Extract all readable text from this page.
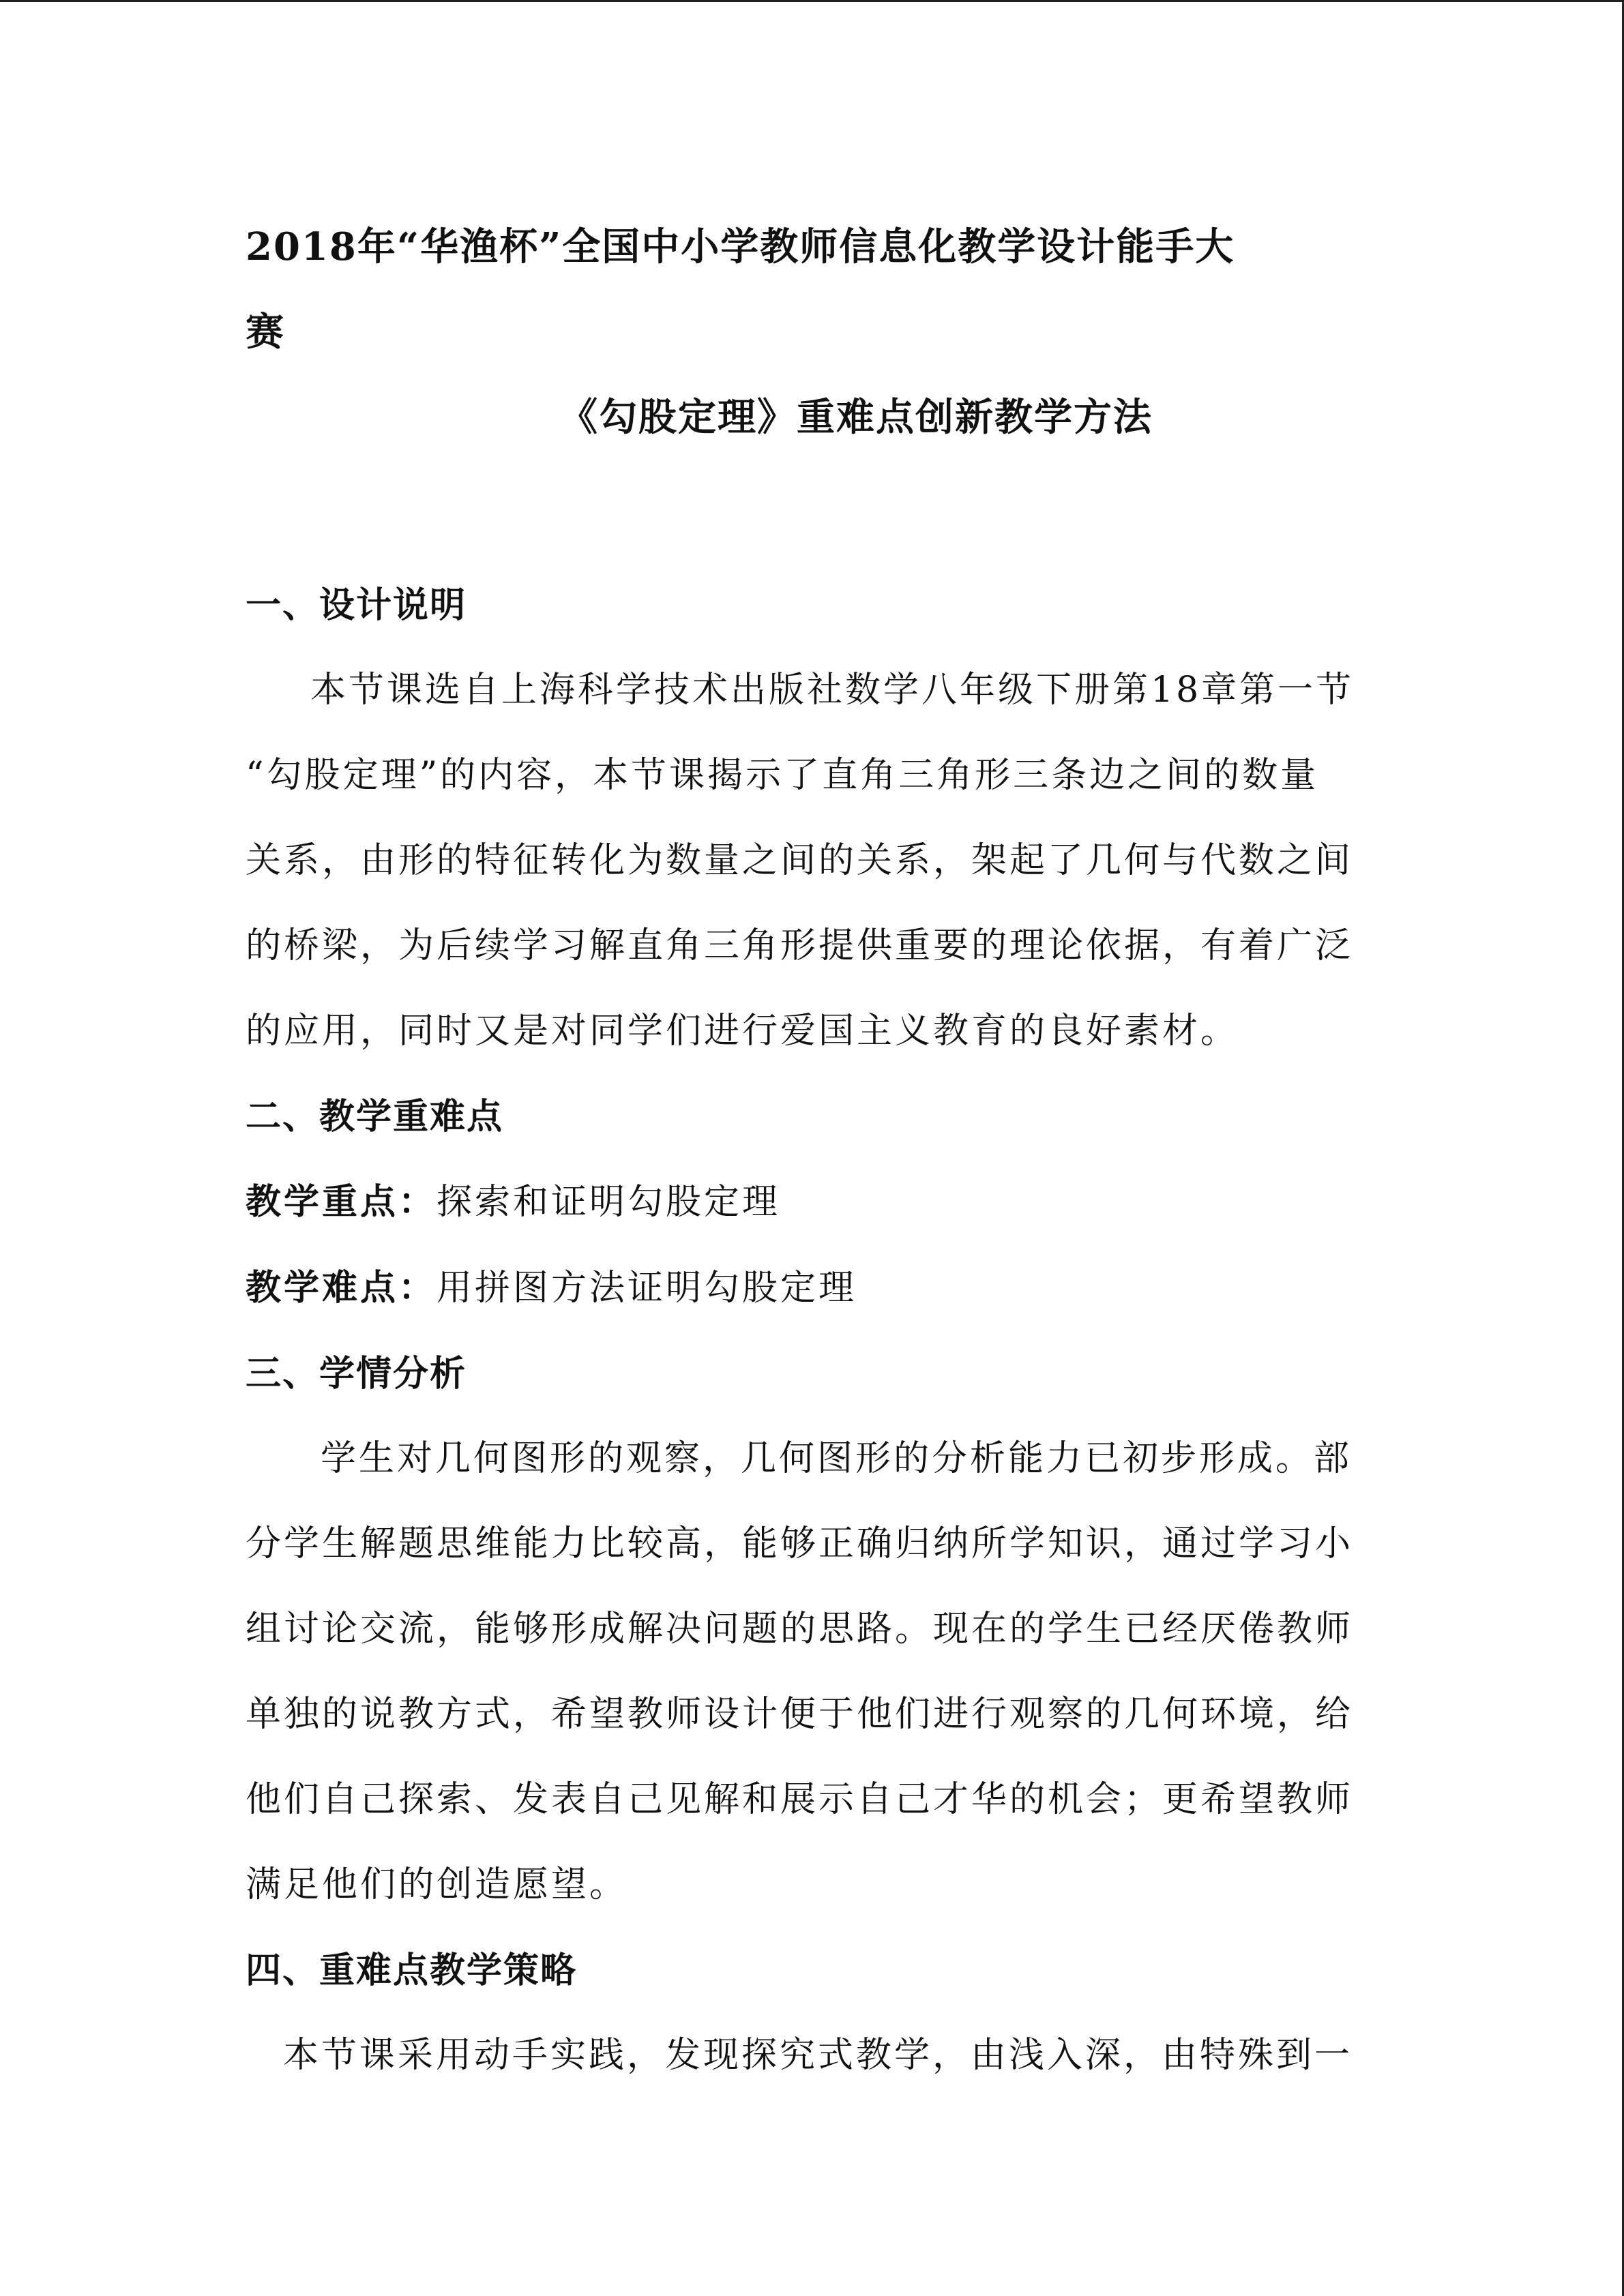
2018年“华渔杯”全国中小学教师信息化教学设计能手大

赛

《勾股定理》重难点创新教学方法

一、设计说明

本节课选自上海科学技术出版社数学八年级下册第18章第一节

“勾股定理”的内容，本节课揭示了直角三角形三条边之间的数量

关系，由形的特征转化为数量之间的关系，架起了几何与代数之间

的桥梁，为后续学习解直角三角形提供重要的理论依据，有着广泛

的应用，同时又是对同学们进行爱国主义教育的良好素材。

二、教学重难点

教学重点：探索和证明勾股定理

教学难点：用拼图方法证明勾股定理

三、学情分析

学生对几何图形的观察，几何图形的分析能力已初步形成。部

分学生解题思维能力比较高，能够正确归纳所学知识，通过学习小

组讨论交流，能够形成解决问题的思路。现在的学生已经厌倦教师

单独的说教方式，希望教师设计便于他们进行观察的几何环境，给

他们自己探索、发表自己见解和展示自己才华的机会；更希望教师

满足他们的创造愿望。

四、重难点教学策略

本节课采用动手实践，发现探究式教学，由浅入深，由特殊到一
